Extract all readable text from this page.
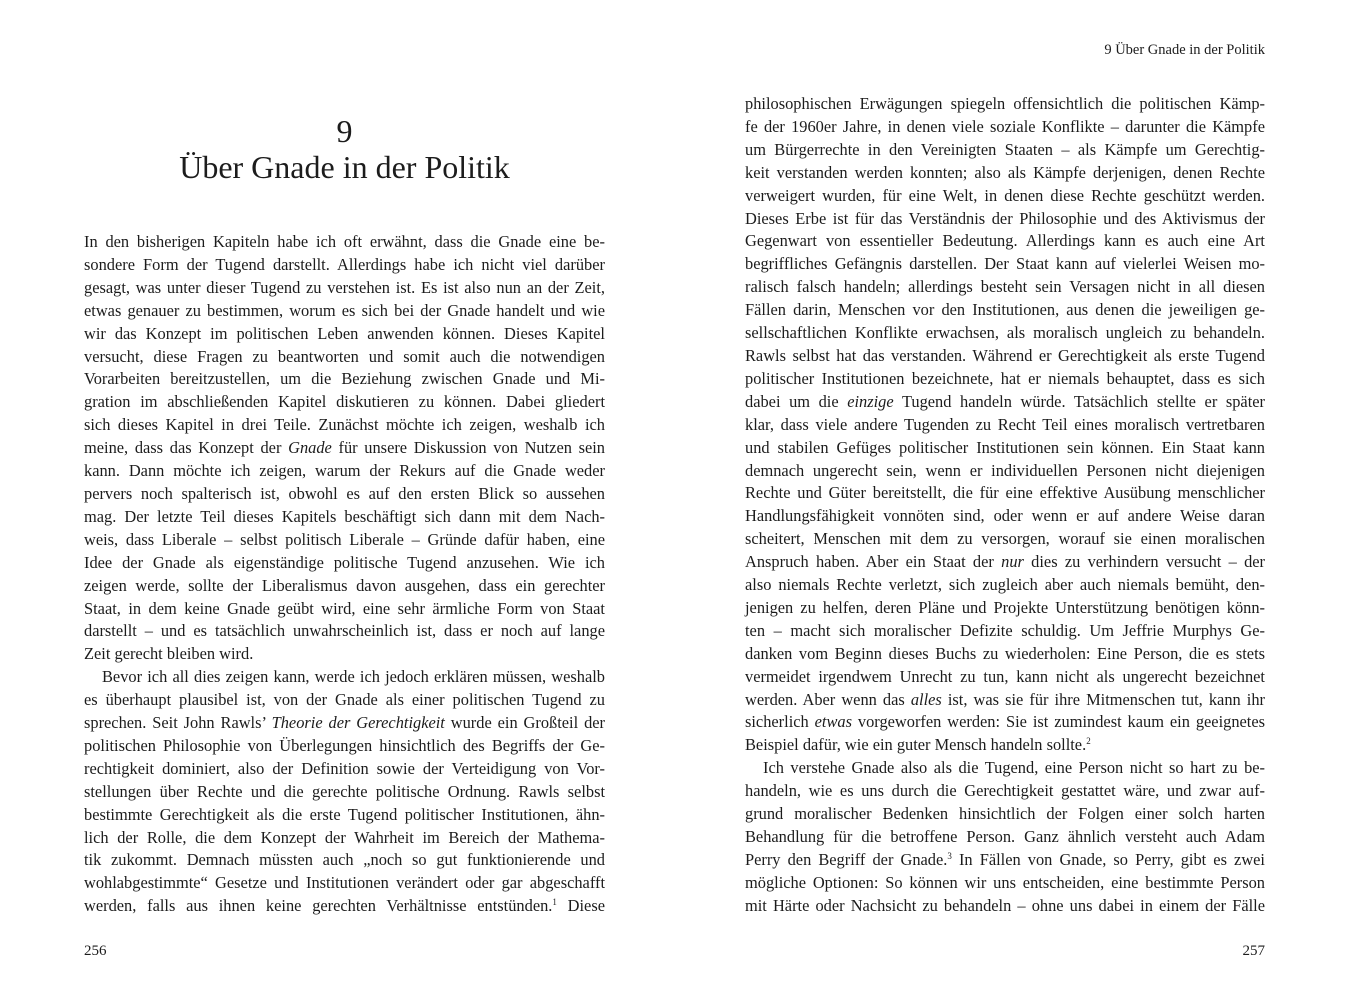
9
Über Gnade in der Politik

In den bisherigen Kapiteln habe ich oft erwähnt, dass die Gnade eine be-
sondere Form der Tugend darstellt. Allerdings habe ich nicht viel darüber
gesagt, was unter dieser Tugend zu verstehen ist. Es ist also nun an der Zeit,
etwas genauer zu bestimmen, worum es sich bei der Gnade handelt und wie
wir das Konzept im politischen Leben anwenden können. Dieses Kapitel
versucht, diese Fragen zu beantworten und somit auch die notwendigen
Vorarbeiten bereitzustellen, um die Beziehung zwischen Gnade und Mi-
gration im abschließenden Kapitel diskutieren zu können. Dabei gliedert
sich dieses Kapitel in drei Teile. Zunächst möchte ich zeigen, weshalb ich
meine, dass das Konzept der Gnade für unsere Diskussion von Nutzen sein
kann. Dann möchte ich zeigen, warum der Rekurs auf die Gnade weder
pervers noch spalterisch ist, obwohl es auf den ersten Blick so aussehen
mag. Der letzte Teil dieses Kapitels beschäftigt sich dann mit dem Nach-
weis, dass Liberale – selbst politisch Liberale – Gründe dafür haben, eine
Idee der Gnade als eigenständige politische Tugend anzusehen. Wie ich
zeigen werde, sollte der Liberalismus davon ausgehen, dass ein gerechter
Staat, in dem keine Gnade geübt wird, eine sehr ärmliche Form von Staat
darstellt – und es tatsächlich unwahrscheinlich ist, dass er noch auf lange
Zeit gerecht bleiben wird.

Bevor ich all dies zeigen kann, werde ich jedoch erklären müssen, weshalb
es überhaupt plausibel ist, von der Gnade als einer politischen Tugend zu
sprechen. Seit John Rawls’ Theorie der Gerechtigkeit wurde ein Großteil der
politischen Philosophie von Überlegungen hinsichtlich des Begriffs der Ge-
rechtigkeit dominiert, also der Definition sowie der Verteidigung von Vor-
stellungen über Rechte und die gerechte politische Ordnung. Rawls selbst
bestimmte Gerechtigkeit als die erste Tugend politischer Institutionen, ähn-
lich der Rolle, die dem Konzept der Wahrheit im Bereich der Mathema-
tik zukommt. Demnach müssten auch „noch so gut funktionierende und
wohlabgestimmte“ Gesetze und Institutionen verändert oder gar abgeschafft
werden, falls aus ihnen keine gerechten Verhältnisse entstünden.$^1$ Diese

256
9 Über Gnade in der Politik

philosophischen Erwägungen spiegeln offensichtlich die politischen Kämp-
fe der 1960er Jahre, in denen viele soziale Konflikte – darunter die Kämpfe
um Bürgerrechte in den Vereinigten Staaten – als Kämpfe um Gerechtig-
keit verstanden werden konnten; also als Kämpfe derjenigen, denen Rechte
verweigert wurden, für eine Welt, in denen diese Rechte geschützt werden.
Dieses Erbe ist für das Verständnis der Philosophie und des Aktivismus der
Gegenwart von essentieller Bedeutung. Allerdings kann es auch eine Art
begriffliches Gefängnis darstellen. Der Staat kann auf vielerlei Weisen mo-
ralisch falsch handeln; allerdings besteht sein Versagen nicht in all diesen
Fällen darin, Menschen vor den Institutionen, aus denen die jeweiligen ge-
sellschaftlichen Konflikte erwachsen, als moralisch ungleich zu behandeln.
Rawls selbst hat das verstanden. Während er Gerechtigkeit als erste Tugend
politischer Institutionen bezeichnete, hat er niemals behauptet, dass es sich
dabei um die einzige Tugend handeln würde. Tatsächlich stellte er später
klar, dass viele andere Tugenden zu Recht Teil eines moralisch vertretbaren
und stabilen Gefüges politischer Institutionen sein können. Ein Staat kann
demnach ungerecht sein, wenn er individuellen Personen nicht diejenigen
Rechte und Güter bereitstellt, die für eine effektive Ausübung menschlicher
Handlungsfähigkeit vonnöten sind, oder wenn er auf andere Weise daran
scheitert, Menschen mit dem zu versorgen, worauf sie einen moralischen
Anspruch haben. Aber ein Staat der nur dies zu verhindern versucht – der
also niemals Rechte verletzt, sich zugleich aber auch niemals bemüht, den-
jenigen zu helfen, deren Pläne und Projekte Unterstützung benötigen könn-
ten – macht sich moralischer Defizite schuldig. Um Jeffrie Murphys Ge-
danken vom Beginn dieses Buchs zu wiederholen: Eine Person, die es stets
vermeidet irgendwem Unrecht zu tun, kann nicht als ungerecht bezeichnet
werden. Aber wenn das alles ist, was sie für ihre Mitmenschen tut, kann ihr
sicherlich etwas vorgeworfen werden: Sie ist zumindest kaum ein geeignetes
Beispiel dafür, wie ein guter Mensch handeln sollte.$^2$

Ich verstehe Gnade also als die Tugend, eine Person nicht so hart zu be-
handeln, wie es uns durch die Gerechtigkeit gestattet wäre, und zwar auf-
grund moralischer Bedenken hinsichtlich der Folgen einer solch harten
Behandlung für die betroffene Person. Ganz ähnlich versteht auch Adam
Perry den Begriff der Gnade.$^3$ In Fällen von Gnade, so Perry, gibt es zwei
mögliche Optionen: So können wir uns entscheiden, eine bestimmte Person
mit Härte oder Nachsicht zu behandeln – ohne uns dabei in einem der Fälle

257
